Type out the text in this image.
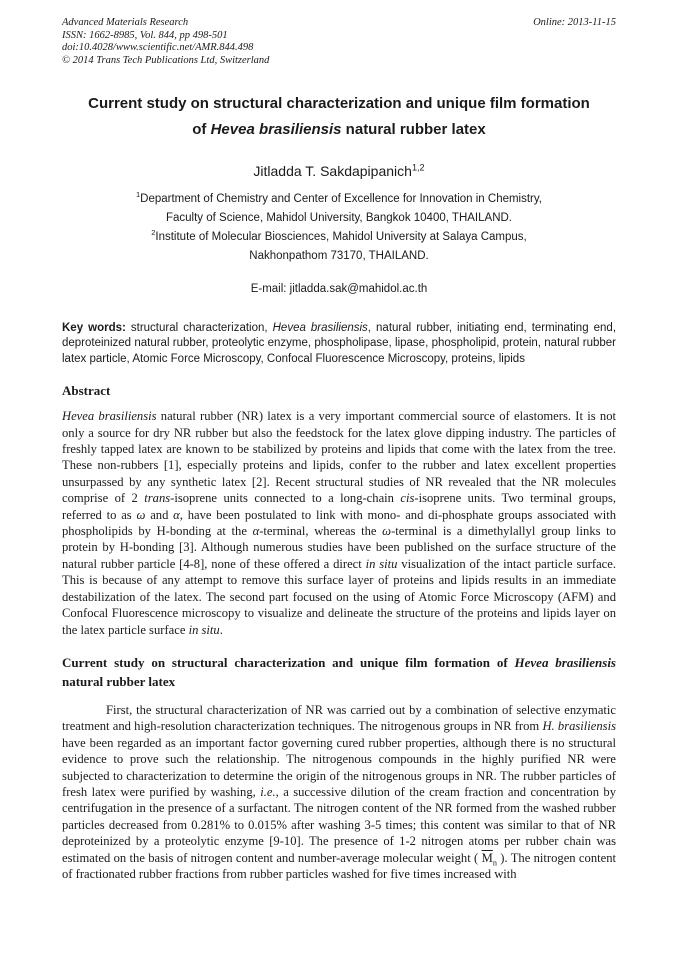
Advanced Materials Research
ISSN: 1662-8985, Vol. 844, pp 498-501
doi:10.4028/www.scientific.net/AMR.844.498
© 2014 Trans Tech Publications Ltd, Switzerland
Online: 2013-11-15
Current study on structural characterization and unique film formation
of Hevea brasiliensis natural rubber latex
Jitladda T. Sakdapipanich$^{1,2}$
$^1$Department of Chemistry and Center of Excellence for Innovation in Chemistry,
Faculty of Science, Mahidol University, Bangkok 10400, THAILAND.
$^2$Institute of Molecular Biosciences, Mahidol University at Salaya Campus,
Nakhonpathom 73170, THAILAND.
E-mail: jitladda.sak@mahidol.ac.th
Key words: structural characterization, Hevea brasiliensis, natural rubber, initiating end, terminating end, deproteinized natural rubber, proteolytic enzyme, phospholipase, lipase, phospholipid, protein, natural rubber latex particle, Atomic Force Microscopy, Confocal Fluorescence Microscopy, proteins, lipids
Abstract
Hevea brasiliensis natural rubber (NR) latex is a very important commercial source of elastomers. It is not only a source for dry NR rubber but also the feedstock for the latex glove dipping industry. The particles of freshly tapped latex are known to be stabilized by proteins and lipids that come with the latex from the tree. These non-rubbers [1], especially proteins and lipids, confer to the rubber and latex excellent properties unsurpassed by any synthetic latex [2]. Recent structural studies of NR revealed that the NR molecules comprise of 2 trans-isoprene units connected to a long-chain cis-isoprene units. Two terminal groups, referred to as ω and α, have been postulated to link with mono- and di-phosphate groups associated with phospholipids by H-bonding at the α-terminal, whereas the ω-terminal is a dimethylallyl group links to protein by H-bonding [3]. Although numerous studies have been published on the surface structure of the natural rubber particle [4-8], none of these offered a direct in situ visualization of the intact particle surface. This is because of any attempt to remove this surface layer of proteins and lipids results in an immediate destabilization of the latex. The second part focused on the using of Atomic Force Microscopy (AFM) and Confocal Fluorescence microscopy to visualize and delineate the structure of the proteins and lipids layer on the latex particle surface in situ.
Current study on structural characterization and unique film formation of Hevea brasiliensis natural rubber latex
First, the structural characterization of NR was carried out by a combination of selective enzymatic treatment and high-resolution characterization techniques. The nitrogenous groups in NR from H. brasiliensis have been regarded as an important factor governing cured rubber properties, although there is no structural evidence to prove such the relationship. The nitrogenous compounds in the highly purified NR were subjected to characterization to determine the origin of the nitrogenous groups in NR. The rubber particles of fresh latex were purified by washing, i.e., a successive dilution of the cream fraction and concentration by centrifugation in the presence of a surfactant. The nitrogen content of the NR formed from the washed rubber particles decreased from 0.281% to 0.015% after washing 3-5 times; this content was similar to that of NR deproteinized by a proteolytic enzyme [9-10]. The presence of 1-2 nitrogen atoms per rubber chain was estimated on the basis of nitrogen content and number-average molecular weight ( $\overline{M}_n$ ). The nitrogen content of fractionated rubber fractions from rubber particles washed for five times increased with
